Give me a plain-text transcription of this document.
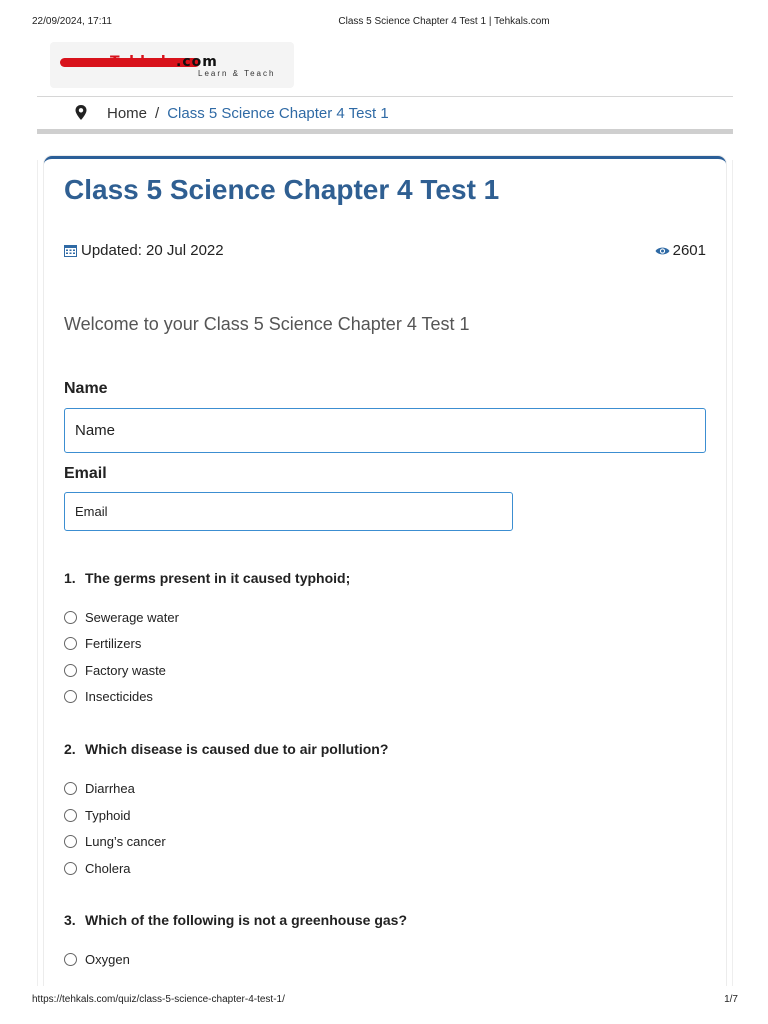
22/09/2024, 17:11	Class 5 Science Chapter 4 Test 1 | Tehkals.com
Tehkals.com
Learn & Teach
Home / Class 5 Science Chapter 4 Test 1
Class 5 Science Chapter 4 Test 1
Updated: 20 Jul 2022	2601

Welcome to your Class 5 Science Chapter 4 Test 1

Name
Name
Email
Email
1. The germs present in it caused typhoid;
Sewerage water
Fertilizers
Factory waste
Insecticides
2. Which disease is caused due to air pollution?
Diarrhea
Typhoid
Lung’s cancer
Cholera
3. Which of the following is not a greenhouse gas?
Oxygen
https://tehkals.com/quiz/class-5-science-chapter-4-test-1/	1/7
